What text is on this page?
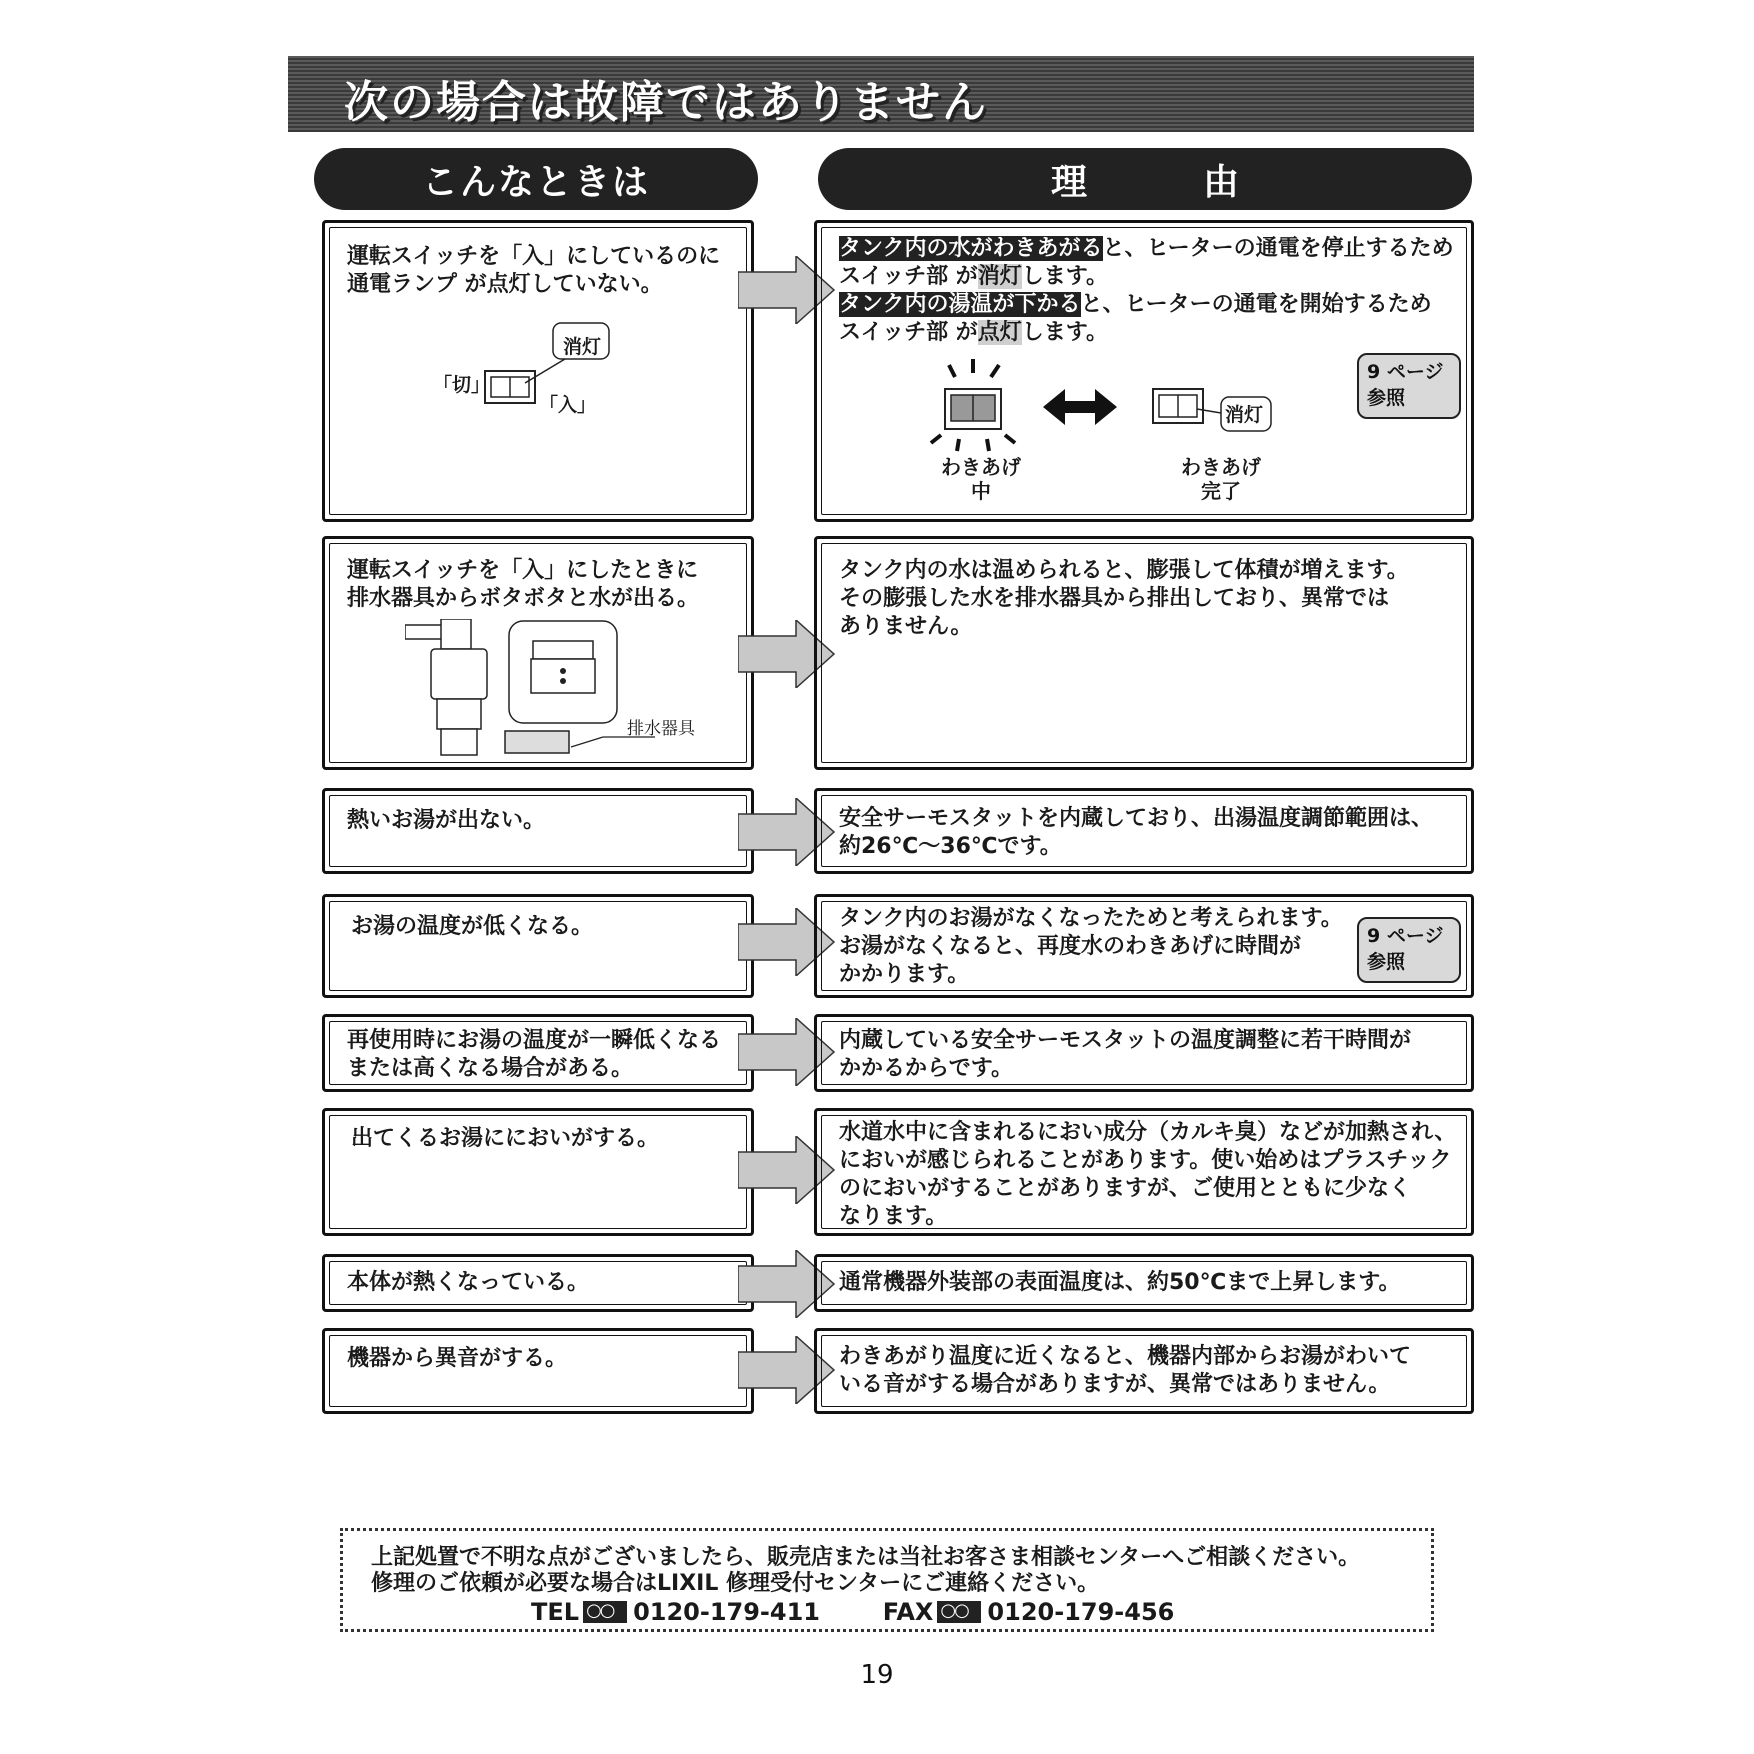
次の場合は故障ではありません
こんなときは	理　由
運転スイッチを「入」にしているのに
通電ランプ が点灯していない。
消灯
「切」
「入」
タンク内の水がわきあがると、ヒーターの通電を停止するため
スイッチ部 が消灯します。
タンク内の湯温が下かると、ヒーターの通電を開始するため
スイッチ部 が点灯します。
消灯
わきあげ
中
わきあげ
完了
9 ページ
参照
運転スイッチを「入」にしたときに
排水器具からボタボタと水が出る。
排水器具
タンク内の水は温められると、膨張して体積が増えます。
その膨張した水を排水器具から排出しており、異常では
ありません。
熱いお湯が出ない。	安全サーモスタットを内蔵しており、出湯温度調節範囲は、
約26℃～36℃です。
お湯の温度が低くなる。	タンク内のお湯がなくなったためと考えられます。
お湯がなくなると、再度水のわきあげに時間が
かかります。
9 ページ
参照
再使用時にお湯の温度が一瞬低くなる
または高くなる場合がある。
内蔵している安全サーモスタットの温度調整に若干時間が
かかるからです。
出てくるお湯ににおいがする。	水道水中に含まれるにおい成分（カルキ臭）などが加熱され、
においが感じられることがあります。使い始めはプラスチック
のにおいがすることがありますが、ご使用とともに少なく
なります。
本体が熱くなっている。	通常機器外装部の表面温度は、約50℃まで上昇します。
機器から異音がする。	わきあがり温度に近くなると、機器内部からお湯がわいて
いる音がする場合がありますが、異常ではありません。
上記処置で不明な点がございましたら、販売店または当社お客さま相談センターへご相談ください。
修理のご依頼が必要な場合はLIXIL 修理受付センターにご連絡ください。
TEL ○○ 0120-179-411	FAX ○○ 0120-179-456
19
